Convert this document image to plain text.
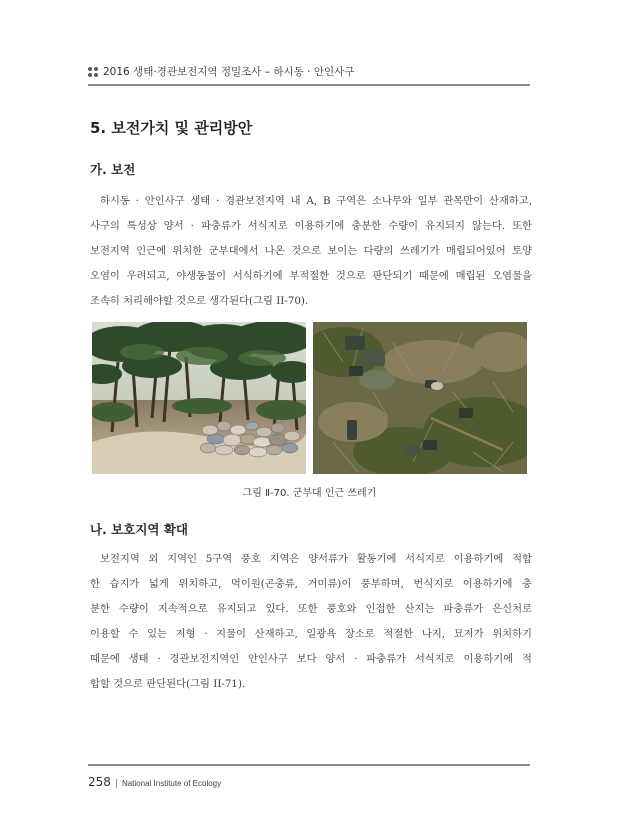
2016 생태·경관보전지역 정밀조사 – 하시동 · 안인사구
5. 보전가치 및 관리방안
가. 보전
하시동 · 안인사구 생태 · 경관보전지역 내 A, B 구역은 소나무와 일부 관목만이 산재하고,
사구의 특성상 양서 · 파충류가 서식지로 이용하기에 충분한 수량이 유지되지 않는다. 또한
보전지역 인근에 위치한 군부대에서 나온 것으로 보이는 다량의 쓰레기가 매립되어있어 토양
오염이 우려되고, 야생동물이 서식하기에 부적절한 것으로 판단되기 때문에 매립된 오염물을
조속히 처리해야할 것으로 생각된다(그림 II-70).
그림 Ⅱ-70. 군부대 인근 쓰레기
나. 보호지역 확대
보전지역 외 지역인 5구역 풍호 지역은 양서류가 활동기에 서식지로 이용하기에 적합
한 습지가 넓게 위치하고, 먹이원(곤충류, 거미류)이 풍부하며, 번식지로 이용하기에 충
분한 수량이 지속적으로 유지되고 있다. 또한 풍호와 인접한 산지는 파충류가 은신처로
이용할 수 있는 지형 · 지물이 산재하고, 일광욕 장소로 적절한 나지, 묘지가 위치하기
때문에 생태 · 경관보전지역인 안인사구 보다 양서 · 파충류가 서식지로 이용하기에 적
합할 것으로 판단된다(그림 II-71).
258 | National Institute of Ecology
